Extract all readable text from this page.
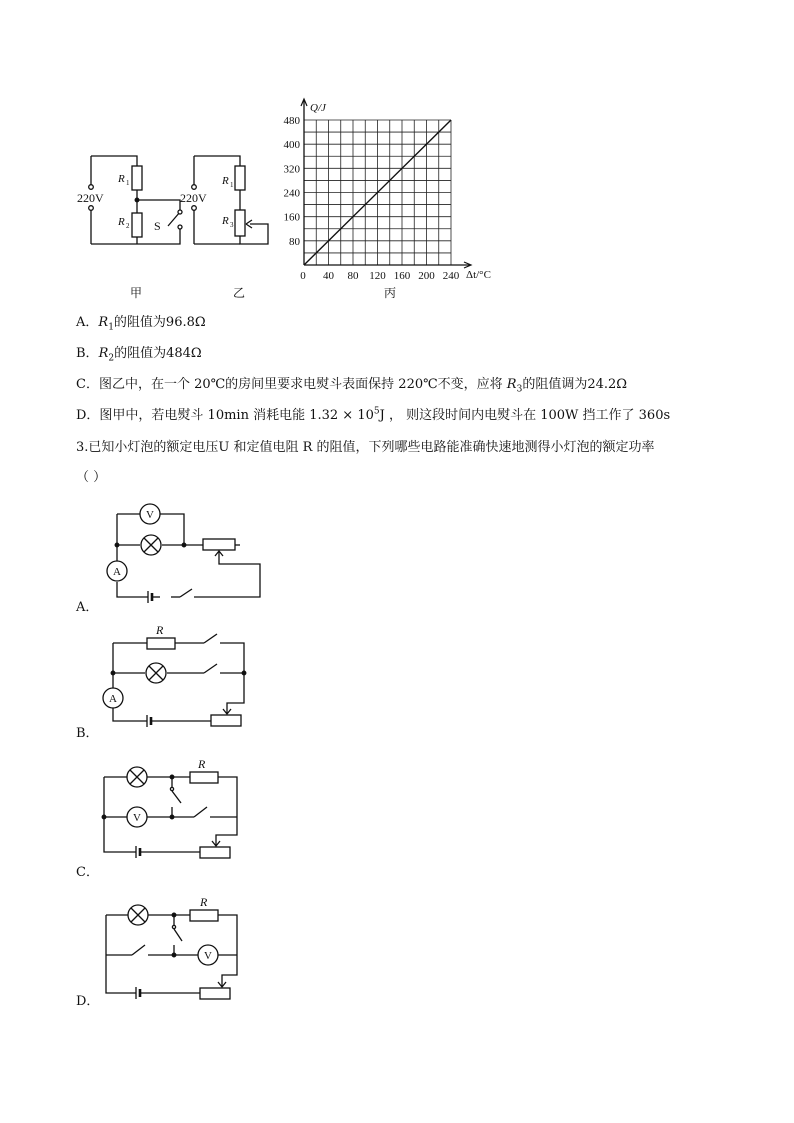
220V
R 1
R 2 S
甲
220V
R 1
R 3
乙
40 80 120 160 200 240
80
160
240
320
400
480
0
Q/J
Δt/°C
丙
A．$R_1$的阻值为96.8Ω
B．$R_2$的阻值为484Ω
C．图乙中，在一个 20℃的房间里要求电熨斗表面保持 220℃不变，应将 $R_3$的阻值调为24.2Ω
D．图甲中，若电熨斗 10min 消耗电能 $1.32 \times 10^5J$ ， 则这段时间内电熨斗在 100W 挡工作了 360s
3.已知小灯泡的额定电压U 和定值电阻 R 的阻值，下列哪些电路能准确快速地测得小灯泡的额定功率
（ ）
V
A
A．
R
A
B．
R
V
C．
R
V
D．
